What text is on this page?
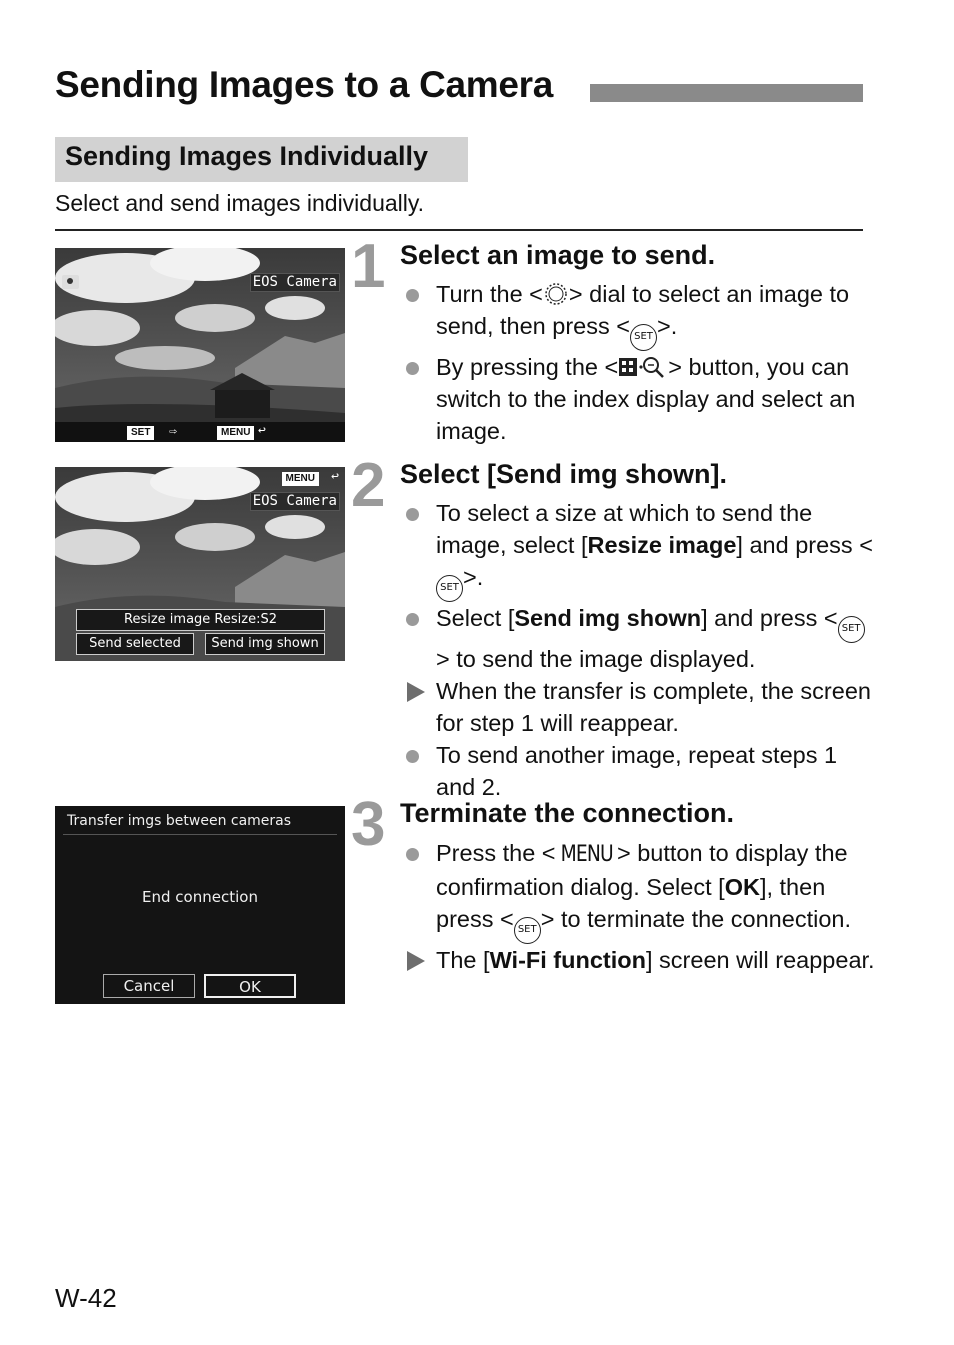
Sending Images to a Camera
Sending Images Individually
Select and send images individually.
EOS Camera
SET	⇨	MENU ↩
1 Select an image to send.
Turn the < > dial to select an image to send, then press < SET >.
By pressing the < > button, you can switch to the index display and select an image.
MENU	↩
EOS Camera
Resize image Resize:S2
Send selected	Send img shown
2 Select [Send img shown].
To select a size at which to send the image, select [Resize image] and press <SET >.
Select [Send img shown] and press < SET> to send the image displayed.
When the transfer is complete, the screen for step 1 will reappear.
To send another image, repeat steps 1 and 2.
Transfer imgs between cameras
End connection
Cancel	OK
3 Terminate the connection.
Press the < MENU > button to display the confirmation dialog. Select [OK], then press < SET > to terminate the connection.
The [Wi-Fi function] screen will reappear.
W-42
